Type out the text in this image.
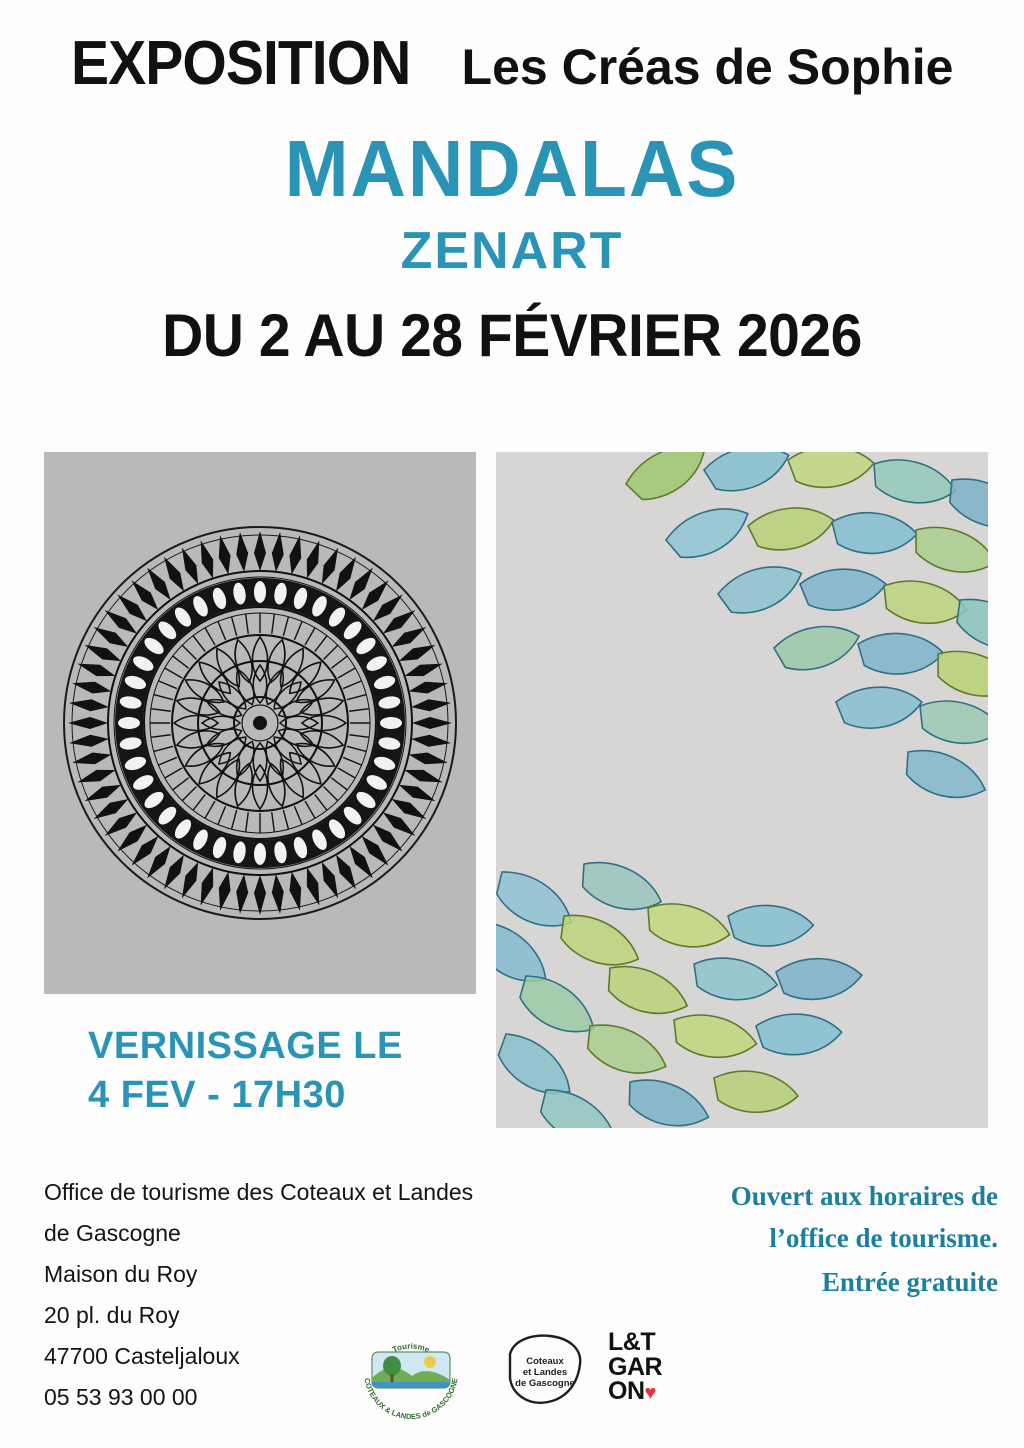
EXPOSITION Les Créas de Sophie
MANDALAS
ZENART
DU 2 AU 28 FÉVRIER 2026
VERNISSAGE LE
4 FEV - 17H30
Office de tourisme des Coteaux et Landes
de Gascogne
Maison du Roy
20 pl. du Roy
47700 Casteljaloux
05 53 93 00 00
Ouvert aux horaires de
l’office de tourisme.
Entrée gratuite
Tourisme
COTEAUX & LANDES de GASCOGNE
Coteaux
et Landes
de Gascogne
L&T
GAR
ON♥
